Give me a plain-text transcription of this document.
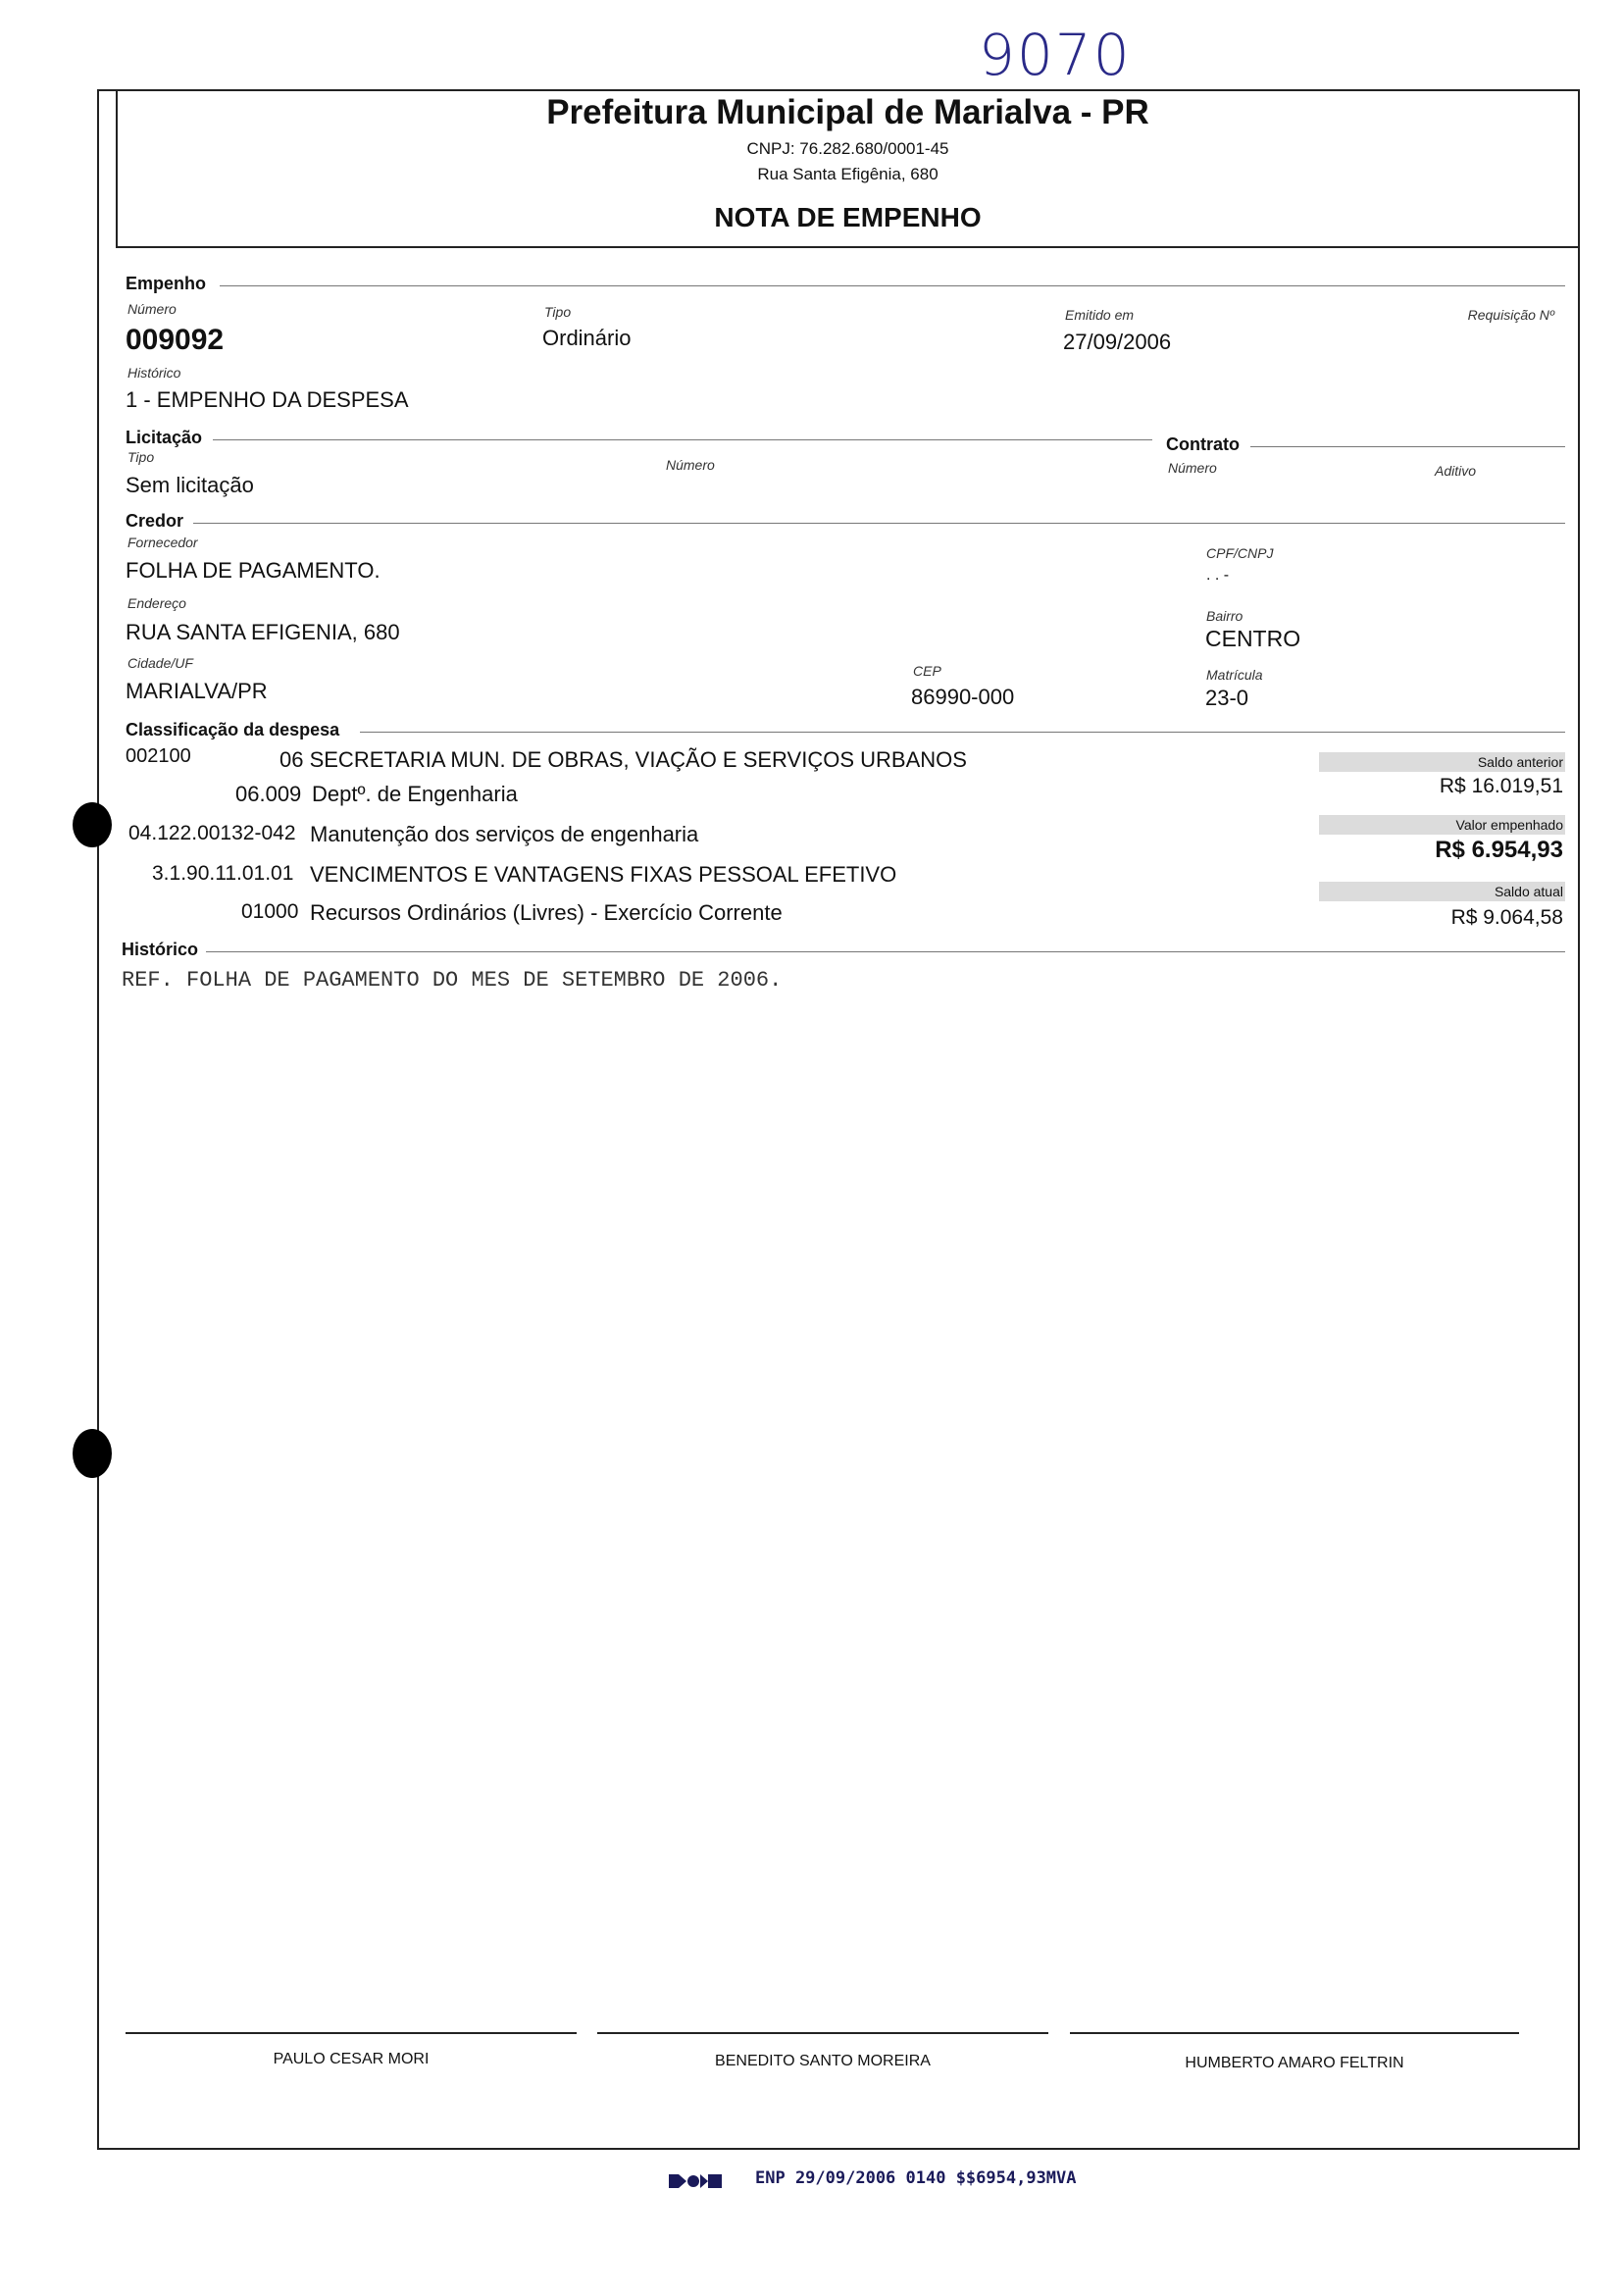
9070
Prefeitura Municipal de Marialva - PR
CNPJ: 76.282.680/0001-45
Rua Santa Efigênia, 680
NOTA DE EMPENHO
Empenho
Número
009092
Tipo
Ordinário
Emitido em
27/09/2006
Requisição Nº
Histórico
1 - EMPENHO DA DESPESA
Licitação	Contrato
Tipo
Sem licitação
Número	Número	Aditivo
Credor
Fornecedor
FOLHA DE PAGAMENTO.
CPF/CNPJ
. . -
Endereço
RUA SANTA EFIGENIA, 680
Bairro
CENTRO
Cidade/UF
MARIALVA/PR
CEP
86990-000
Matrícula
23-0
Classificação da despesa
002100	06 SECRETARIA MUN. DE OBRAS, VIAÇÃO E SERVIÇOS URBANOS
06.009 Deptº. de Engenharia
04.122.00132-042 Manutenção dos serviços de engenharia
3.1.90.11.01.01 VENCIMENTOS E VANTAGENS FIXAS PESSOAL EFETIVO
01000 Recursos Ordinários (Livres) - Exercício Corrente
Saldo anterior
R$ 16.019,51
Valor empenhado
R$ 6.954,93
Saldo atual
R$ 9.064,58
Histórico
REF. FOLHA DE PAGAMENTO DO MES DE SETEMBRO DE 2006.
PAULO CESAR MORI	BENEDITO SANTO MOREIRA	HUMBERTO AMARO FELTRIN
ENP 29/09/2006 0140 $$6954,93MVA
